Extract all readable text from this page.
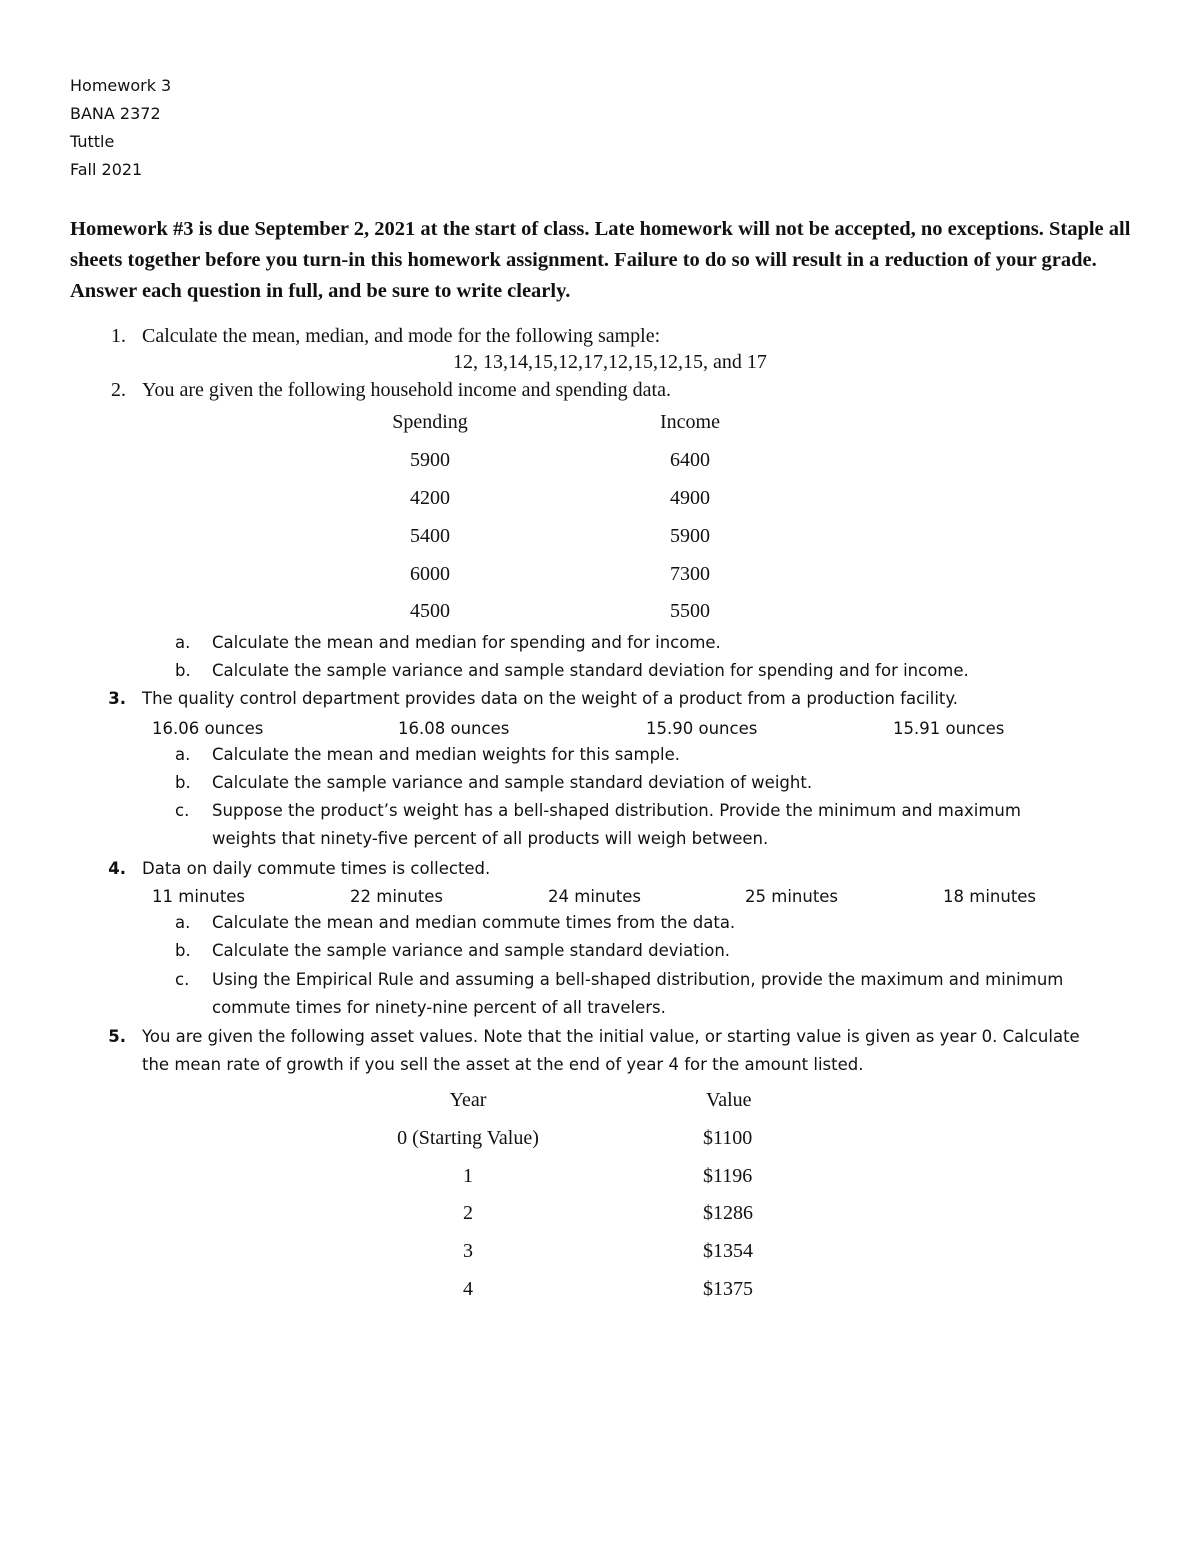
Homework 3
BANA 2372
Tuttle
Fall 2021
Homework #3 is due September 2, 2021 at the start of class. Late homework will not be accepted, no exceptions. Staple all sheets together before you turn-in this homework assignment. Failure to do so will result in a reduction of your grade. Answer each question in full, and be sure to write clearly.
1. Calculate the mean, median, and mode for the following sample:
12, 13,14,15,12,17,12,15,12,15, and 17
2. You are given the following household income and spending data.
Spending	Income
5900	6400
4200	4900
5400	5900
6000	7300
4500	5500
a. Calculate the mean and median for spending and for income.
b. Calculate the sample variance and sample standard deviation for spending and for income.
3. The quality control department provides data on the weight of a product from a production facility.
16.06 ounces	16.08 ounces	15.90 ounces	15.91 ounces
a. Calculate the mean and median weights for this sample.
b. Calculate the sample variance and sample standard deviation of weight.
c. Suppose the product’s weight has a bell-shaped distribution. Provide the minimum and maximum
weights that ninety-five percent of all products will weigh between.
4. Data on daily commute times is collected.
11 minutes	22 minutes	24 minutes	25 minutes	18 minutes
a. Calculate the mean and median commute times from the data.
b. Calculate the sample variance and sample standard deviation.
c. Using the Empirical Rule and assuming a bell-shaped distribution, provide the maximum and minimum
commute times for ninety-nine percent of all travelers.
5. You are given the following asset values. Note that the initial value, or starting value is given as year 0. Calculate
the mean rate of growth if you sell the asset at the end of year 4 for the amount listed.
Year	Value
0 (Starting Value)	$1100
1	$1196
2	$1286
3	$1354
4	$1375
